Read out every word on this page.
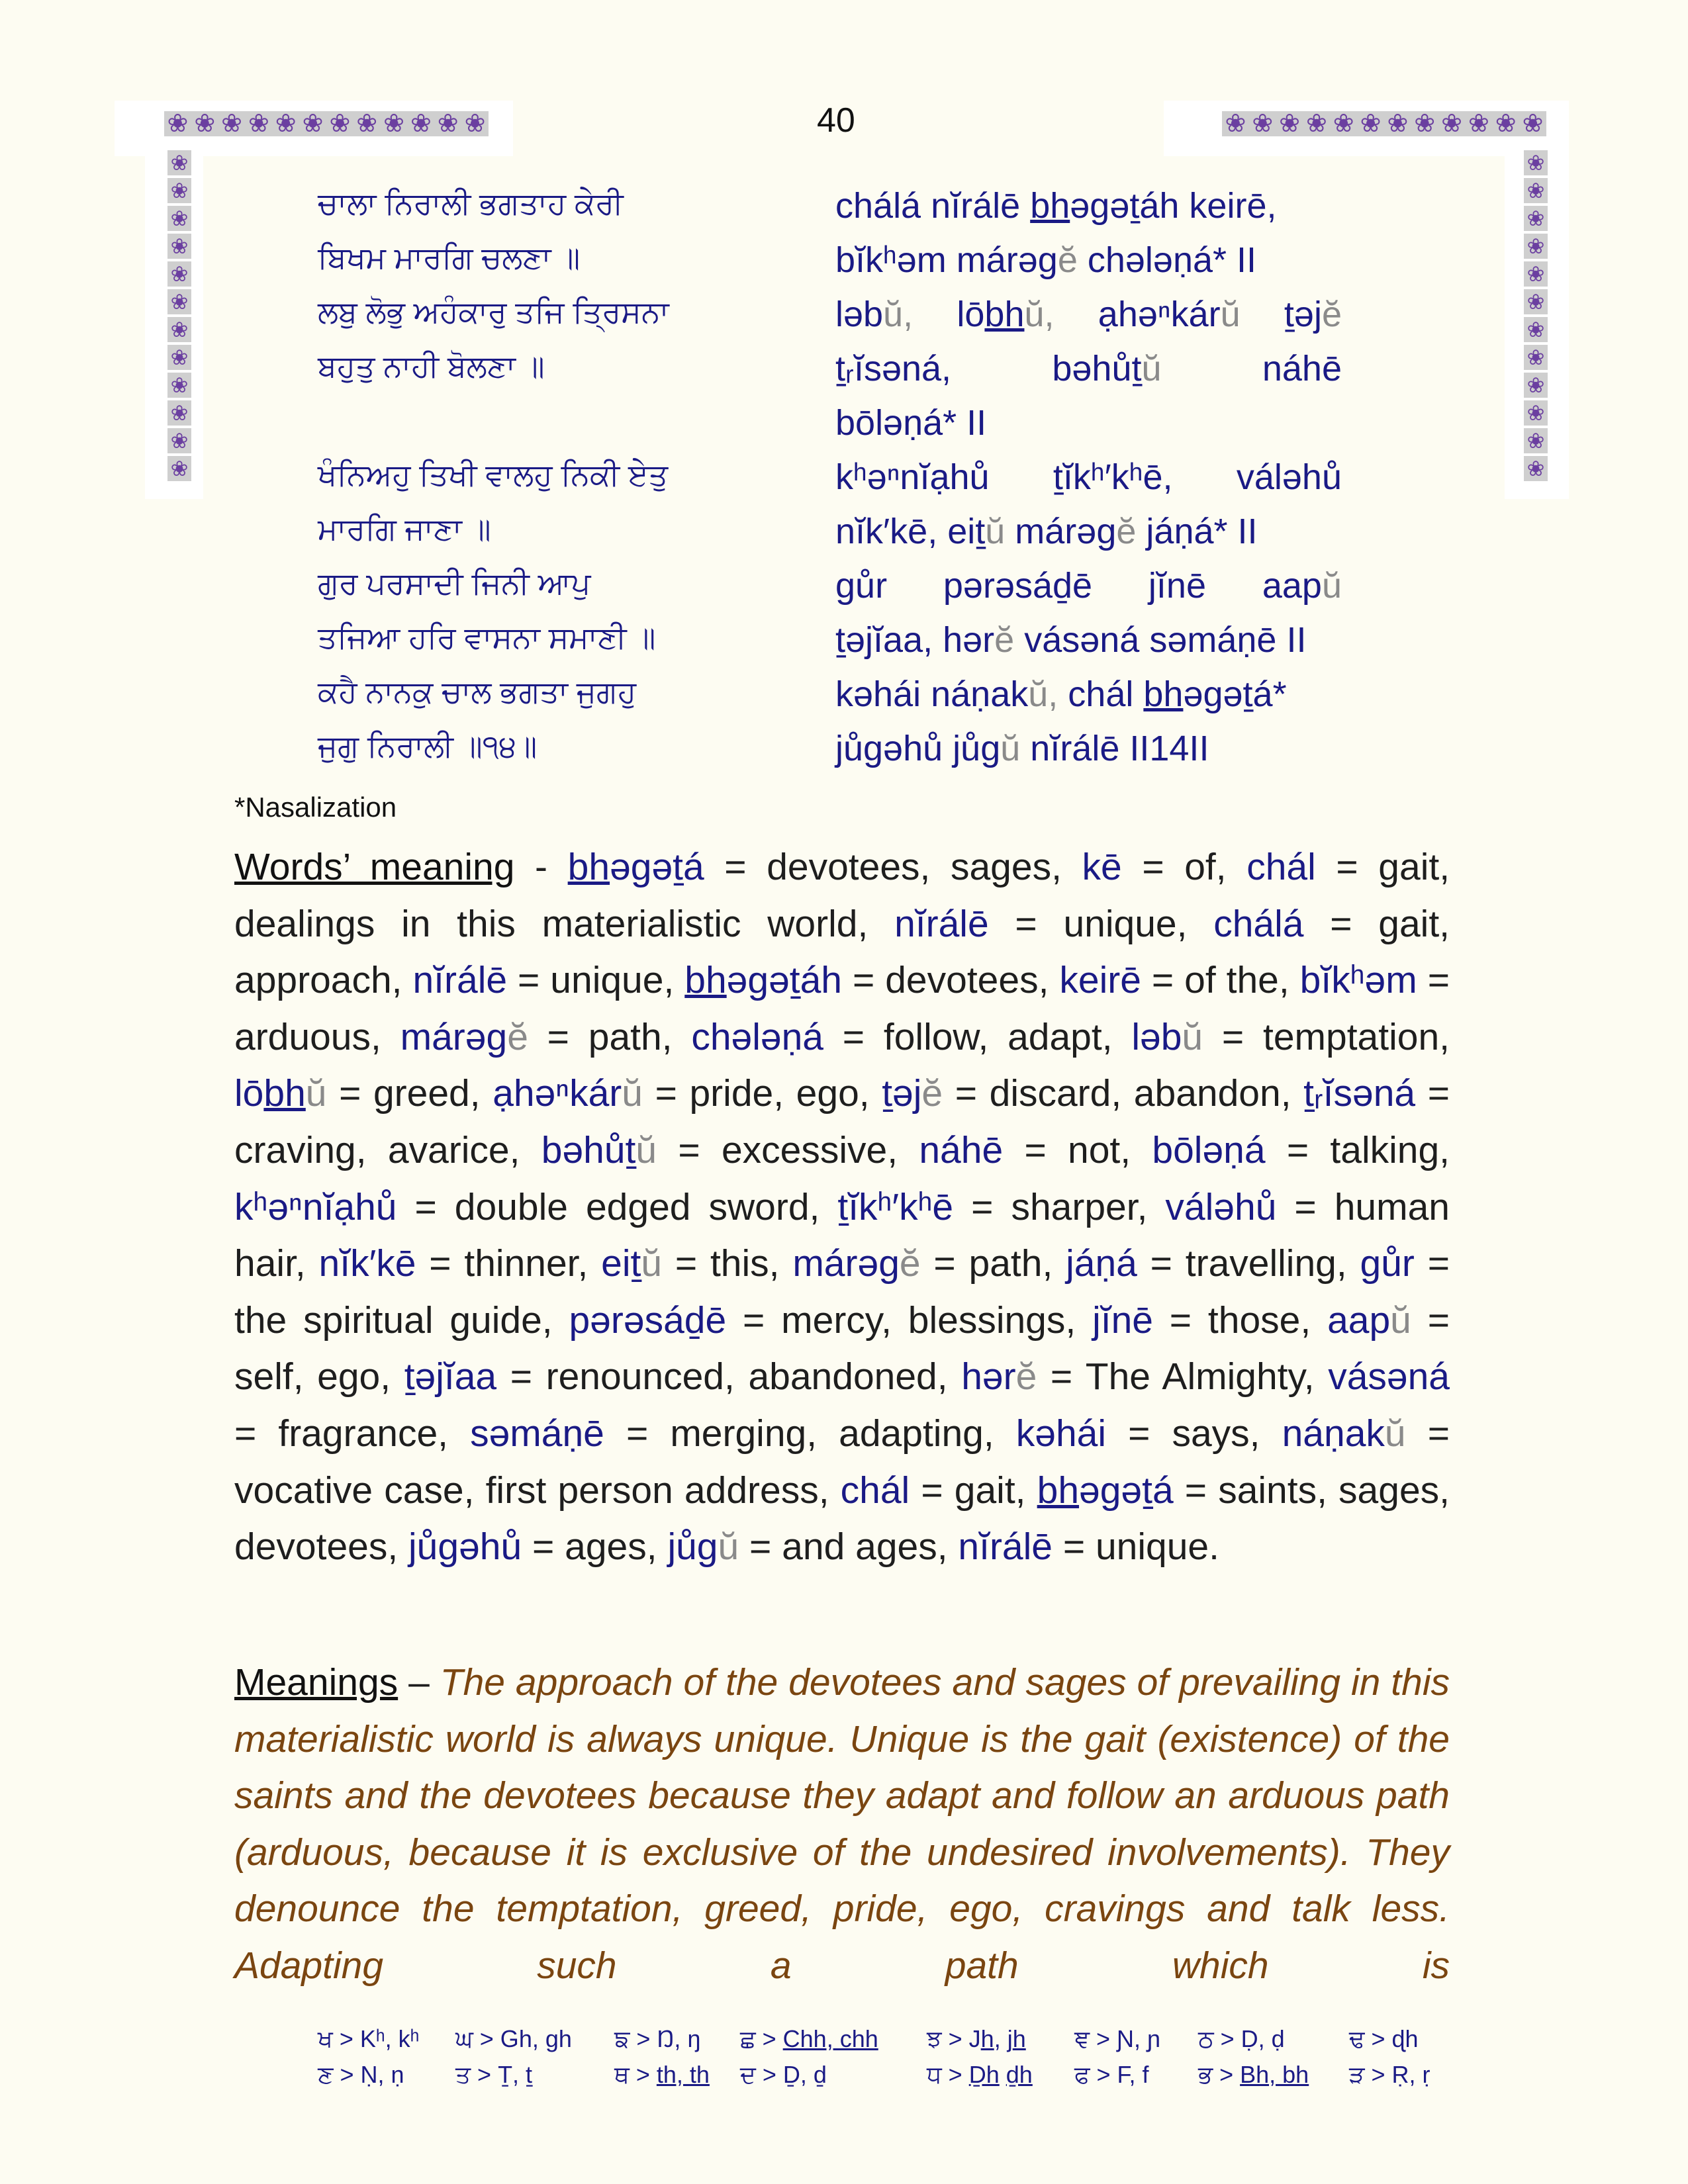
❀ ❀ ❀ ❀ ❀ ❀ ❀ ❀ ❀ ❀ ❀ ❀	❀ ❀ ❀ ❀ ❀ ❀ ❀ ❀ ❀ ❀ ❀ ❀
❀
❀
❀
❀
❀
❀
❀
❀
❀
❀
❀
❀
❀
❀
❀
❀
❀
❀
❀
❀
❀
❀
❀
❀
40
ਚਾਲਾ ਨਿਰਾਲੀ ਭਗਤਾਹ ਕੇਰੀ	chálá nĭrálē bhəgəṯáh keirē,
ਬਿਖਮ ਮਾਰਗਿ ਚਲਣਾ ॥	bĭkʰəm márəgĕ chələṇá* II
ਲਬੁ ਲੋਭੁ ਅਹੰਕਾਰੁ ਤਜਿ ਤ੍ਰਿਸਨਾ	ləbŭ, lōbhŭ, ạhəⁿkárŭ ṯəjĕ
ਬਹੁਤੁ ਨਾਹੀ ਬੋਲਣਾ ॥	ṯᵣĭsəná, bəhůṯŭ náhē
bōləṇá* II
ਖੰਨਿਅਹੁ ਤਿਖੀ ਵਾਲਹੁ ਨਿਕੀ ਏਤੁ	kʰəⁿnĭạhů ṯĭkʰ′kʰē, váləhů
ਮਾਰਗਿ ਜਾਣਾ ॥	nĭk′kē, eiṯŭ márəgĕ jáṇá* II
ਗੁਰ ਪਰਸਾਦੀ ਜਿਨੀ ਆਪੁ	gůr pərəsáḏē jĭnē aapŭ
ਤਜਿਆ ਹਰਿ ਵਾਸਨਾ ਸਮਾਣੀ ॥	ṯəjĭaa, hərĕ vásəná səmáṇē II
ਕਹੈ ਨਾਨਕੁ ਚਾਲ ਭਗਤਾ ਜੁਗਹੁ	kəhái náṇakŭ, chál bhəgəṯá*
ਜੁਗੁ ਨਿਰਾਲੀ ॥੧੪॥	jůgəhů jůgŭ nĭrálē II14II
*Nasalization

Words’ meaning - bhəgəṯá = devotees, sages, kē = of, chál = gait, dealings in this materialistic world, nĭrálē = unique, chálá = gait, approach, nĭrálē = unique, bhəgəṯáh = devotees, keirē = of the, bĭkʰəm = arduous, márəgĕ = path, chələṇá = follow, adapt, ləbŭ = temptation, lōbhŭ = greed, ạhəⁿkárŭ = pride, ego, ṯəjĕ = discard, abandon, ṯᵣĭsəná = craving, avarice, bəhůṯŭ = excessive, náhē = not, bōləṇá = talking, kʰəⁿnĭạhů = double edged sword, ṯĭkʰ′kʰē = sharper, váləhů = human hair, nĭk′kē = thinner, eiṯŭ = this, márəgĕ = path, jáṇá = travelling, gůr = the spiritual guide, pərəsáḏē = mercy, blessings, jĭnē = those, aapŭ = self, ego, ṯəjĭaa = renounced, abandoned, hərĕ = The Almighty, vásəná = fragrance, səmáṇē = merging, adapting, kəhái = says, náṇakŭ = vocative case, first person address, chál = gait, bhəgəṯá = saints, sages, devotees, jůgəhů = ages, jůgŭ = and ages, nĭrálē = unique.

Meanings – The approach of the devotees and sages of prevailing in this materialistic world is always unique. Unique is the gait (existence) of the saints and the devotees because they adapt and follow an arduous path (arduous, because it is exclusive of the undesired involvements). They denounce the temptation, greed, pride, ego, cravings and talk less. Adapting such a path which is

ਖ > Kʰ, kʰ ਘ > Gh, gh ਙ > Ŋ, ŋ ਛ > Chh, chh ਝ > Jh, jh ਞ > Ɲ, ɲ ਠ > Ḍ, ḍ	ਢ > ɖh
ਣ > Ṇ, ṇ ਤ > Ṯ, ṯ	ਥ > th, th ਦ > Ḏ, ḏ	ਧ > Ḏh ḏh ਫ > F, f ਭ > Bh, bh ੜ > Ṛ, ṛ
